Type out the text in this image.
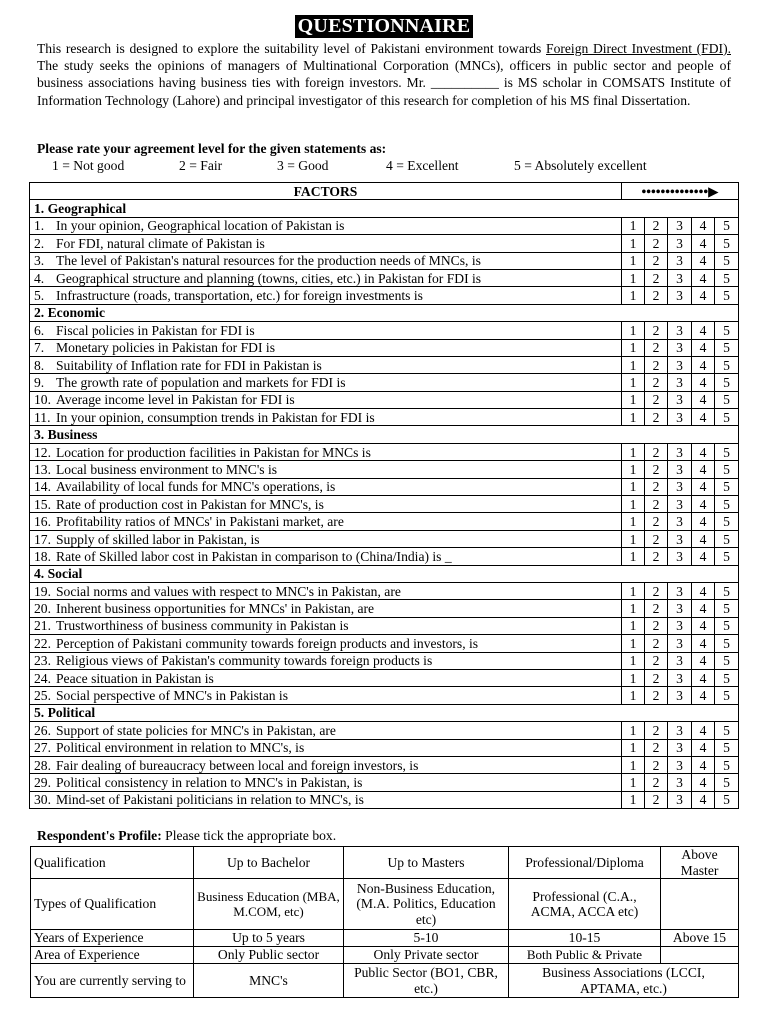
QUESTIONNAIRE

This research is designed to explore the suitability level of Pakistani environment towards Foreign Direct Investment (FDI). The study seeks the opinions of managers of Multinational Corporation (MNCs), officers in public sector and people of business associations having business ties with foreign investors. Mr. __________ is MS scholar in COMSATS Institute of Information Technology (Lahore) and principal investigator of this research for completion of his MS final Dissertation.

Please rate your agreement level for the given statements as:

1 = Not good	2 = Fair	3 = Good	4 = Excellent	5 = Absolutely excellent
FACTORS	••••••••••••••▶				
1. Geographical					
1. In your opinion, Geographical location of Pakistan is	1	2	3	4	5
2. For FDI, natural climate of Pakistan is	1	2	3	4	5
3. The level of Pakistan's natural resources for the production needs of MNCs, is	1	2	3	4	5
4. Geographical structure and planning (towns, cities, etc.) in Pakistan for FDI is	1	2	3	4	5
5. Infrastructure (roads, transportation, etc.) for foreign investments is	1	2	3	4	5
2. Economic					
6. Fiscal policies in Pakistan for FDI is	1	2	3	4	5
7. Monetary policies in Pakistan for FDI is	1	2	3	4	5
8. Suitability of Inflation rate for FDI in Pakistan is	1	2	3	4	5
9. The growth rate of population and markets for FDI is	1	2	3	4	5
10. Average income level in Pakistan for FDI is	1	2	3	4	5
11. In your opinion, consumption trends in Pakistan for FDI is	1	2	3	4	5
3. Business					
12. Location for production facilities in Pakistan for MNCs is	1	2	3	4	5
13. Local business environment to MNC's is	1	2	3	4	5
14. Availability of local funds for MNC's operations, is	1	2	3	4	5
15. Rate of production cost in Pakistan for MNC's, is	1	2	3	4	5
16. Profitability ratios of MNCs' in Pakistani market, are	1	2	3	4	5
17. Supply of skilled labor in Pakistan, is	1	2	3	4	5
18. Rate of Skilled labor cost in Pakistan in comparison to (China/India) is _	1	2	3	4	5
4. Social					
19. Social norms and values with respect to MNC's in Pakistan, are	1	2	3	4	5
20. Inherent business opportunities for MNCs' in Pakistan, are	1	2	3	4	5
21. Trustworthiness of business community in Pakistan is	1	2	3	4	5
22. Perception of Pakistani community towards foreign products and investors, is	1	2	3	4	5
23. Religious views of Pakistan's community towards foreign products is	1	2	3	4	5
24. Peace situation in Pakistan is	1	2	3	4	5
25. Social perspective of MNC's in Pakistan is	1	2	3	4	5
5. Political					
26. Support of state policies for MNC's in Pakistan, are	1	2	3	4	5
27. Political environment in relation to MNC's, is	1	2	3	4	5
28. Fair dealing of bureaucracy between local and foreign investors, is	1	2	3	4	5
29. Political consistency in relation to MNC's in Pakistan, is	1	2	3	4	5
30. Mind-set of Pakistani politicians in relation to MNC's, is	1	2	3	4	5

Respondent's Profile: Please tick the appropriate box.

Qualification	Up to Bachelor	Up to Masters	Professional/Diploma	Above Master
Types of Qualification	Business Education (MBA, M.COM, etc)	Non-Business Education, (M.A. Politics, Education etc)	Professional (C.A., ACMA, ACCA etc)	
Years of Experience	Up to 5 years	5-10	10-15	Above 15
Area of Experience	Only Public sector	Only Private sector	Both Public & Private	
You are currently serving to	MNC's	Public Sector (BO1, CBR, etc.)	Business Associations (LCCI, APTAMA, etc.)	
